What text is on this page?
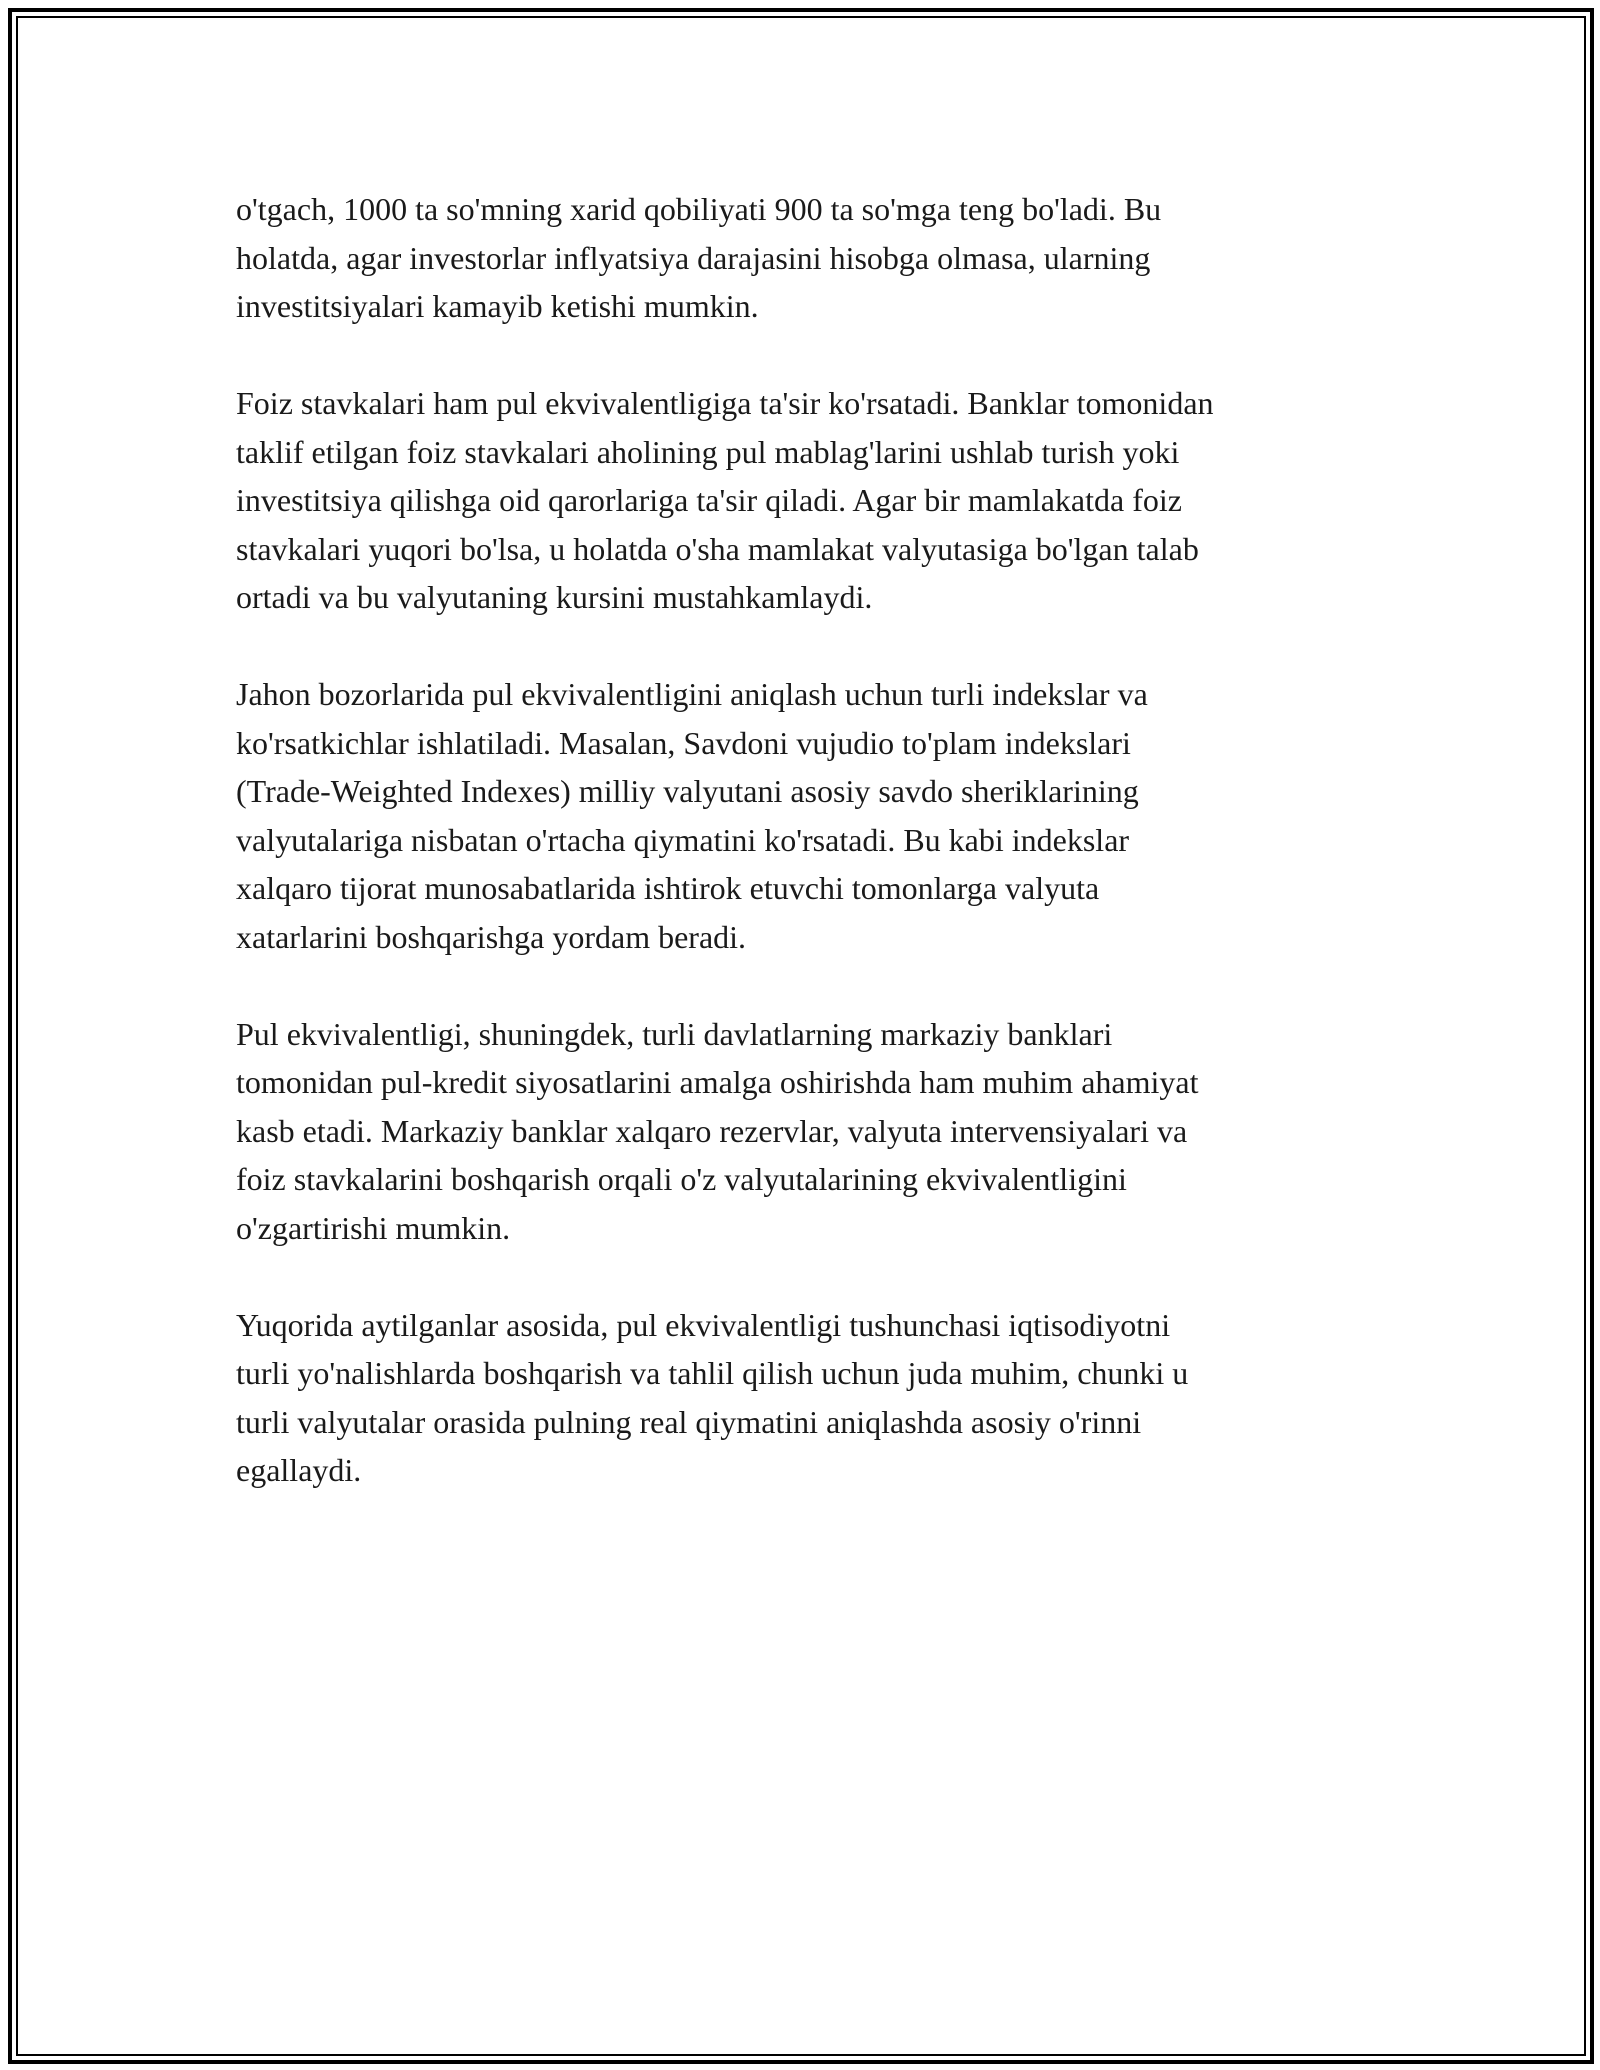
o'tgach, 1000 ta so'mning xarid qobiliyati 900 ta so'mga teng bo'ladi. Bu
holatda, agar investorlar inflyatsiya darajasini hisobga olmasa, ularning
investitsiyalari kamayib ketishi mumkin.

Foiz stavkalari ham pul ekvivalentligiga ta'sir ko'rsatadi. Banklar tomonidan
taklif etilgan foiz stavkalari aholining pul mablag'larini ushlab turish yoki
investitsiya qilishga oid qarorlariga ta'sir qiladi. Agar bir mamlakatda foiz
stavkalari yuqori bo'lsa, u holatda o'sha mamlakat valyutasiga bo'lgan talab
ortadi va bu valyutaning kursini mustahkamlaydi.

Jahon bozorlarida pul ekvivalentligini aniqlash uchun turli indekslar va
ko'rsatkichlar ishlatiladi. Masalan, Savdoni vujudio to'plam indekslari
(Trade-Weighted Indexes) milliy valyutani asosiy savdo sheriklarining
valyutalariga nisbatan o'rtacha qiymatini ko'rsatadi. Bu kabi indekslar
xalqaro tijorat munosabatlarida ishtirok etuvchi tomonlarga valyuta
xatarlarini boshqarishga yordam beradi.

Pul ekvivalentligi, shuningdek, turli davlatlarning markaziy banklari
tomonidan pul-kredit siyosatlarini amalga oshirishda ham muhim ahamiyat
kasb etadi. Markaziy banklar xalqaro rezervlar, valyuta intervensiyalari va
foiz stavkalarini boshqarish orqali o'z valyutalarining ekvivalentligini
o'zgartirishi mumkin.

Yuqorida aytilganlar asosida, pul ekvivalentligi tushunchasi iqtisodiyotni
turli yo'nalishlarda boshqarish va tahlil qilish uchun juda muhim, chunki u
turli valyutalar orasida pulning real qiymatini aniqlashda asosiy o'rinni
egallaydi.
